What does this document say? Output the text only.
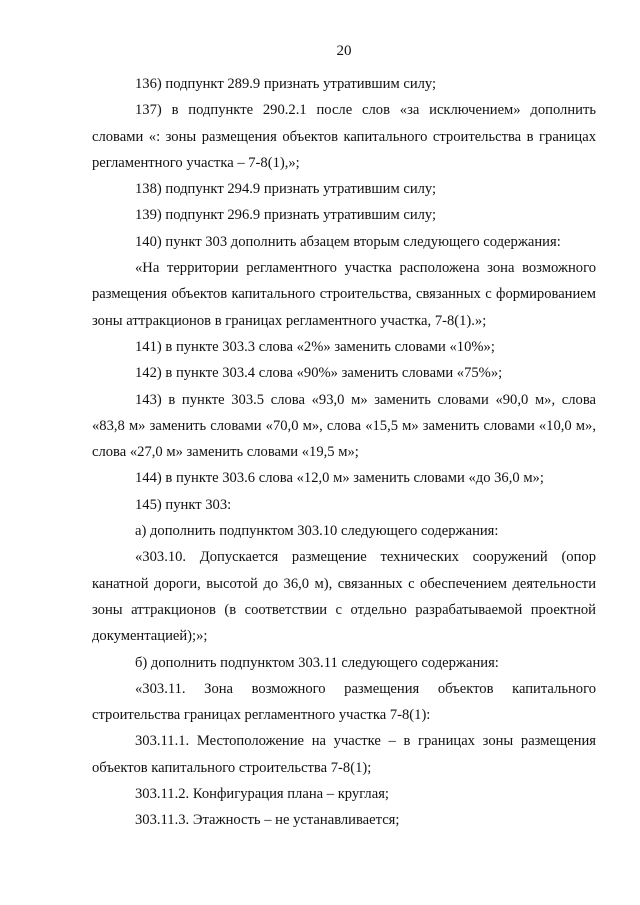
20

136) подпункт 289.9 признать утратившим силу;

137) в подпункте 290.2.1 после слов «за исключением» дополнить словами «: зоны размещения объектов капитального строительства в границах регламентного участка – 7-8(1),»;

138) подпункт 294.9 признать утратившим силу;

139) подпункт 296.9 признать утратившим силу;

140) пункт 303 дополнить абзацем вторым следующего содержания:

«На территории регламентного участка расположена зона возможного размещения объектов капитального строительства, связанных с формированием зоны аттракционов в границах регламентного участка, 7-8(1).»;

141) в пункте 303.3 слова «2%» заменить словами «10%»;

142) в пункте 303.4 слова «90%» заменить словами «75%»;

143) в пункте 303.5 слова «93,0 м» заменить словами «90,0 м», слова «83,8 м» заменить словами «70,0 м», слова «15,5 м» заменить словами «10,0 м», слова «27,0 м» заменить словами «19,5 м»;

144) в пункте 303.6 слова «12,0 м» заменить словами «до 36,0 м»;

145) пункт 303:

а) дополнить подпунктом 303.10 следующего содержания:

«303.10. Допускается размещение технических сооружений (опор канатной дороги, высотой до 36,0 м), связанных с обеспечением деятельности зоны аттракционов (в соответствии с отдельно разрабатываемой проектной документацией);»;

б) дополнить подпунктом 303.11 следующего содержания:

«303.11. Зона возможного размещения объектов капитального строительства границах регламентного участка 7-8(1):

303.11.1. Местоположение на участке – в границах зоны размещения объектов капитального строительства 7-8(1);

303.11.2. Конфигурация плана – круглая;

303.11.3. Этажность – не устанавливается;
